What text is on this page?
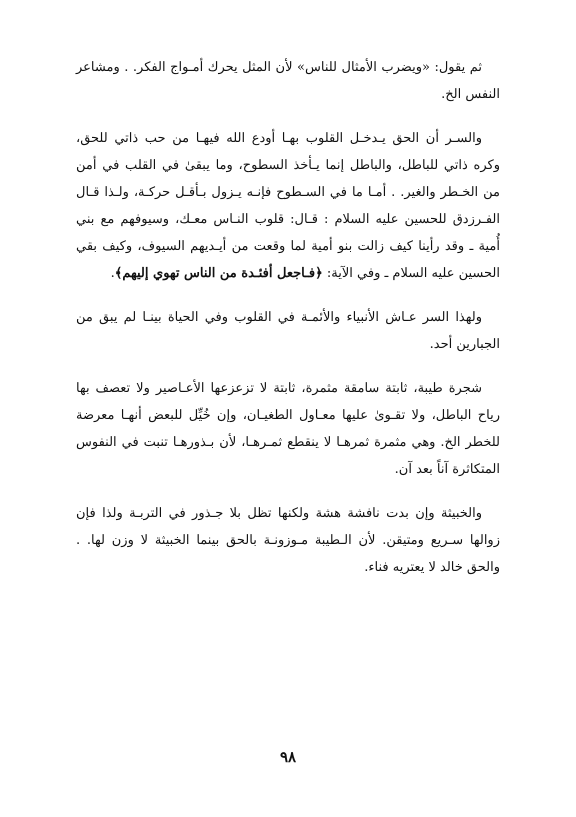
ثم يقول: «ويضرب الأمثال للناس» لأن المثل يحرك أمـواج الفكر. . ومشاعر النفس الخ.

والسـر أن الحق يـدخـل القلوب بهـا أودع الله فيهـا من حب ذاتي للحق، وكره ذاتي للباطل، والباطل إنما يـأخذ السطوح، وما يبقىٰ في القلب في أمن من الخـطر والغير. . أمـا ما في السـطوح فإنـه يـزول بـأقـل حركـة، ولـذا قـال الفـرزدق للحسين عليه السلام : قـال: قلوب النـاس معـك، وسيوفهم مع بني أُمية ـ وقد رأينا كيف زالت بنو أمية لما وقعت من أيـديهم السيوف، وكيف بقي الحسين عليه السلام ـ وفي الآية: ﴿فـاجعل أفئـدة من الناس تهوي إليهم﴾.

ولهذا السر عـاش الأنبياء والأئمـة في القلوب وفي الحياة بينـا لم يبق من الجبارين أحد.

شجرة طيبة، ثابتة سامقة مثمرة، ثابتة لا تزعزعها الأعـاصير ولا تعصف بها رياح الباطل، ولا تقـوىٰ عليها معـاول الطغيـان، وإن خُيِّل للبعض أنهـا معرضة للخطر الخ. وهي مثمرة ثمرهـا لا ينقطع ثمـرهـا، لأن بـذورهـا تنبت في النفوس المتكاثرة آناً بعد آن.

والخبيثة وإن بدت نافشة هشة ولكنها تظل بلا جـذور في التربـة ولذا فإن زوالها سـريع ومتيقن. لأن الـطيبة مـوزونـة بالحق بينما الخبيثة لا وزن لها. . والحق خالد لا يعتريه فناء.

٩٨
